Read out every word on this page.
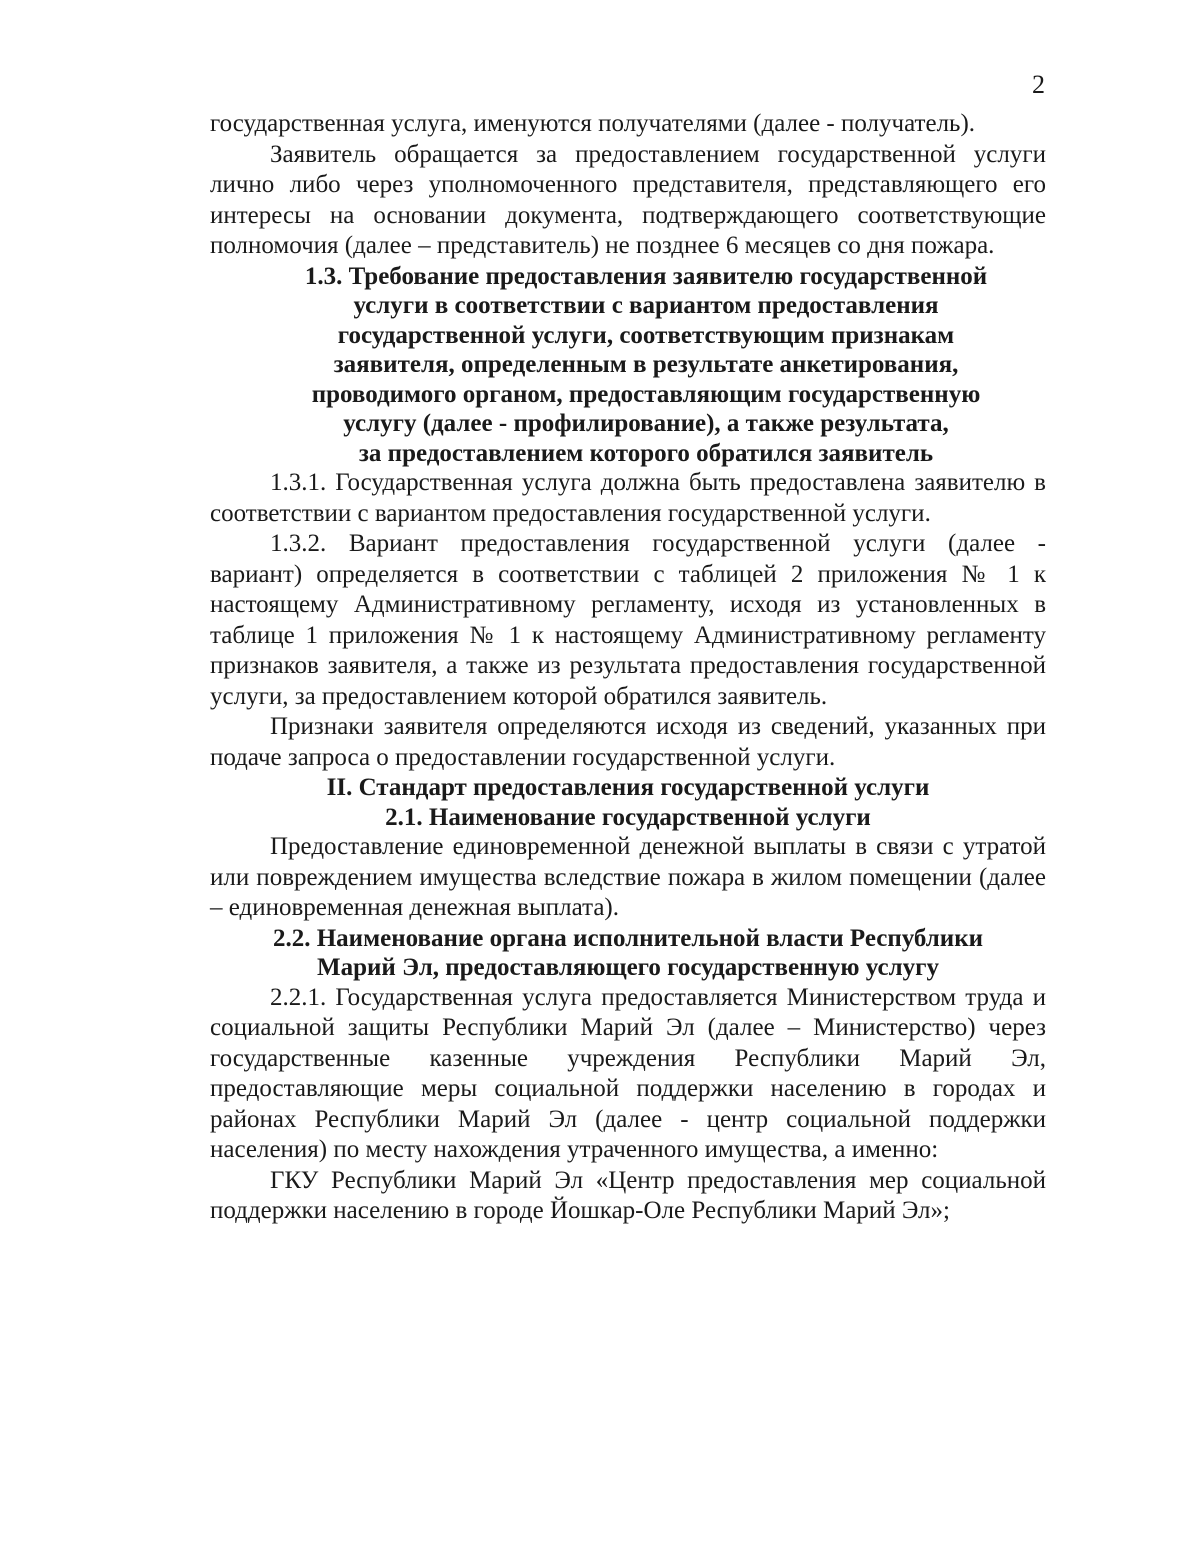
2

государственная услуга, именуются получателями (далее - получатель).

Заявитель обращается за предоставлением государственной услуги лично либо через уполномоченного представителя, представляющего его интересы на основании документа, подтверждающего соответствующие полномочия (далее – представитель) не позднее 6 месяцев со дня пожара.

1.3. Требование предоставления заявителю государственной
услуги в соответствии с вариантом предоставления
государственной услуги, соответствующим признакам
заявителя, определенным в результате анкетирования,
проводимого органом, предоставляющим государственную
услугу (далее - профилирование), а также результата,
за предоставлением которого обратился заявитель

1.3.1. Государственная услуга должна быть предоставлена заявителю в соответствии с вариантом предоставления государственной услуги.

1.3.2. Вариант предоставления государственной услуги (далее - вариант) определяется в соответствии с таблицей 2 приложения № 1 к настоящему Административному регламенту, исходя из установленных в таблице 1 приложения № 1 к настоящему Административному регламенту признаков заявителя, а также из результата предоставления государственной услуги, за предоставлением которой обратился заявитель.

Признаки заявителя определяются исходя из сведений, указанных при подаче запроса о предоставлении государственной услуги.

II. Стандарт предоставления государственной услуги
2.1. Наименование государственной услуги

Предоставление единовременной денежной выплаты в связи с утратой или повреждением имущества вследствие пожара в жилом помещении (далее – единовременная денежная выплата).

2.2. Наименование органа исполнительной власти Республики
Марий Эл, предоставляющего государственную услугу

2.2.1. Государственная услуга предоставляется Министерством труда и социальной защиты Республики Марий Эл (далее – Министерство) через государственные казенные учреждения Республики Марий Эл, предоставляющие меры социальной поддержки населению в городах и районах Республики Марий Эл (далее - центр социальной поддержки населения) по месту нахождения утраченного имущества, а именно:

ГКУ Республики Марий Эл «Центр предоставления мер социальной поддержки населению в городе Йошкар-Оле Республики Марий Эл»;
